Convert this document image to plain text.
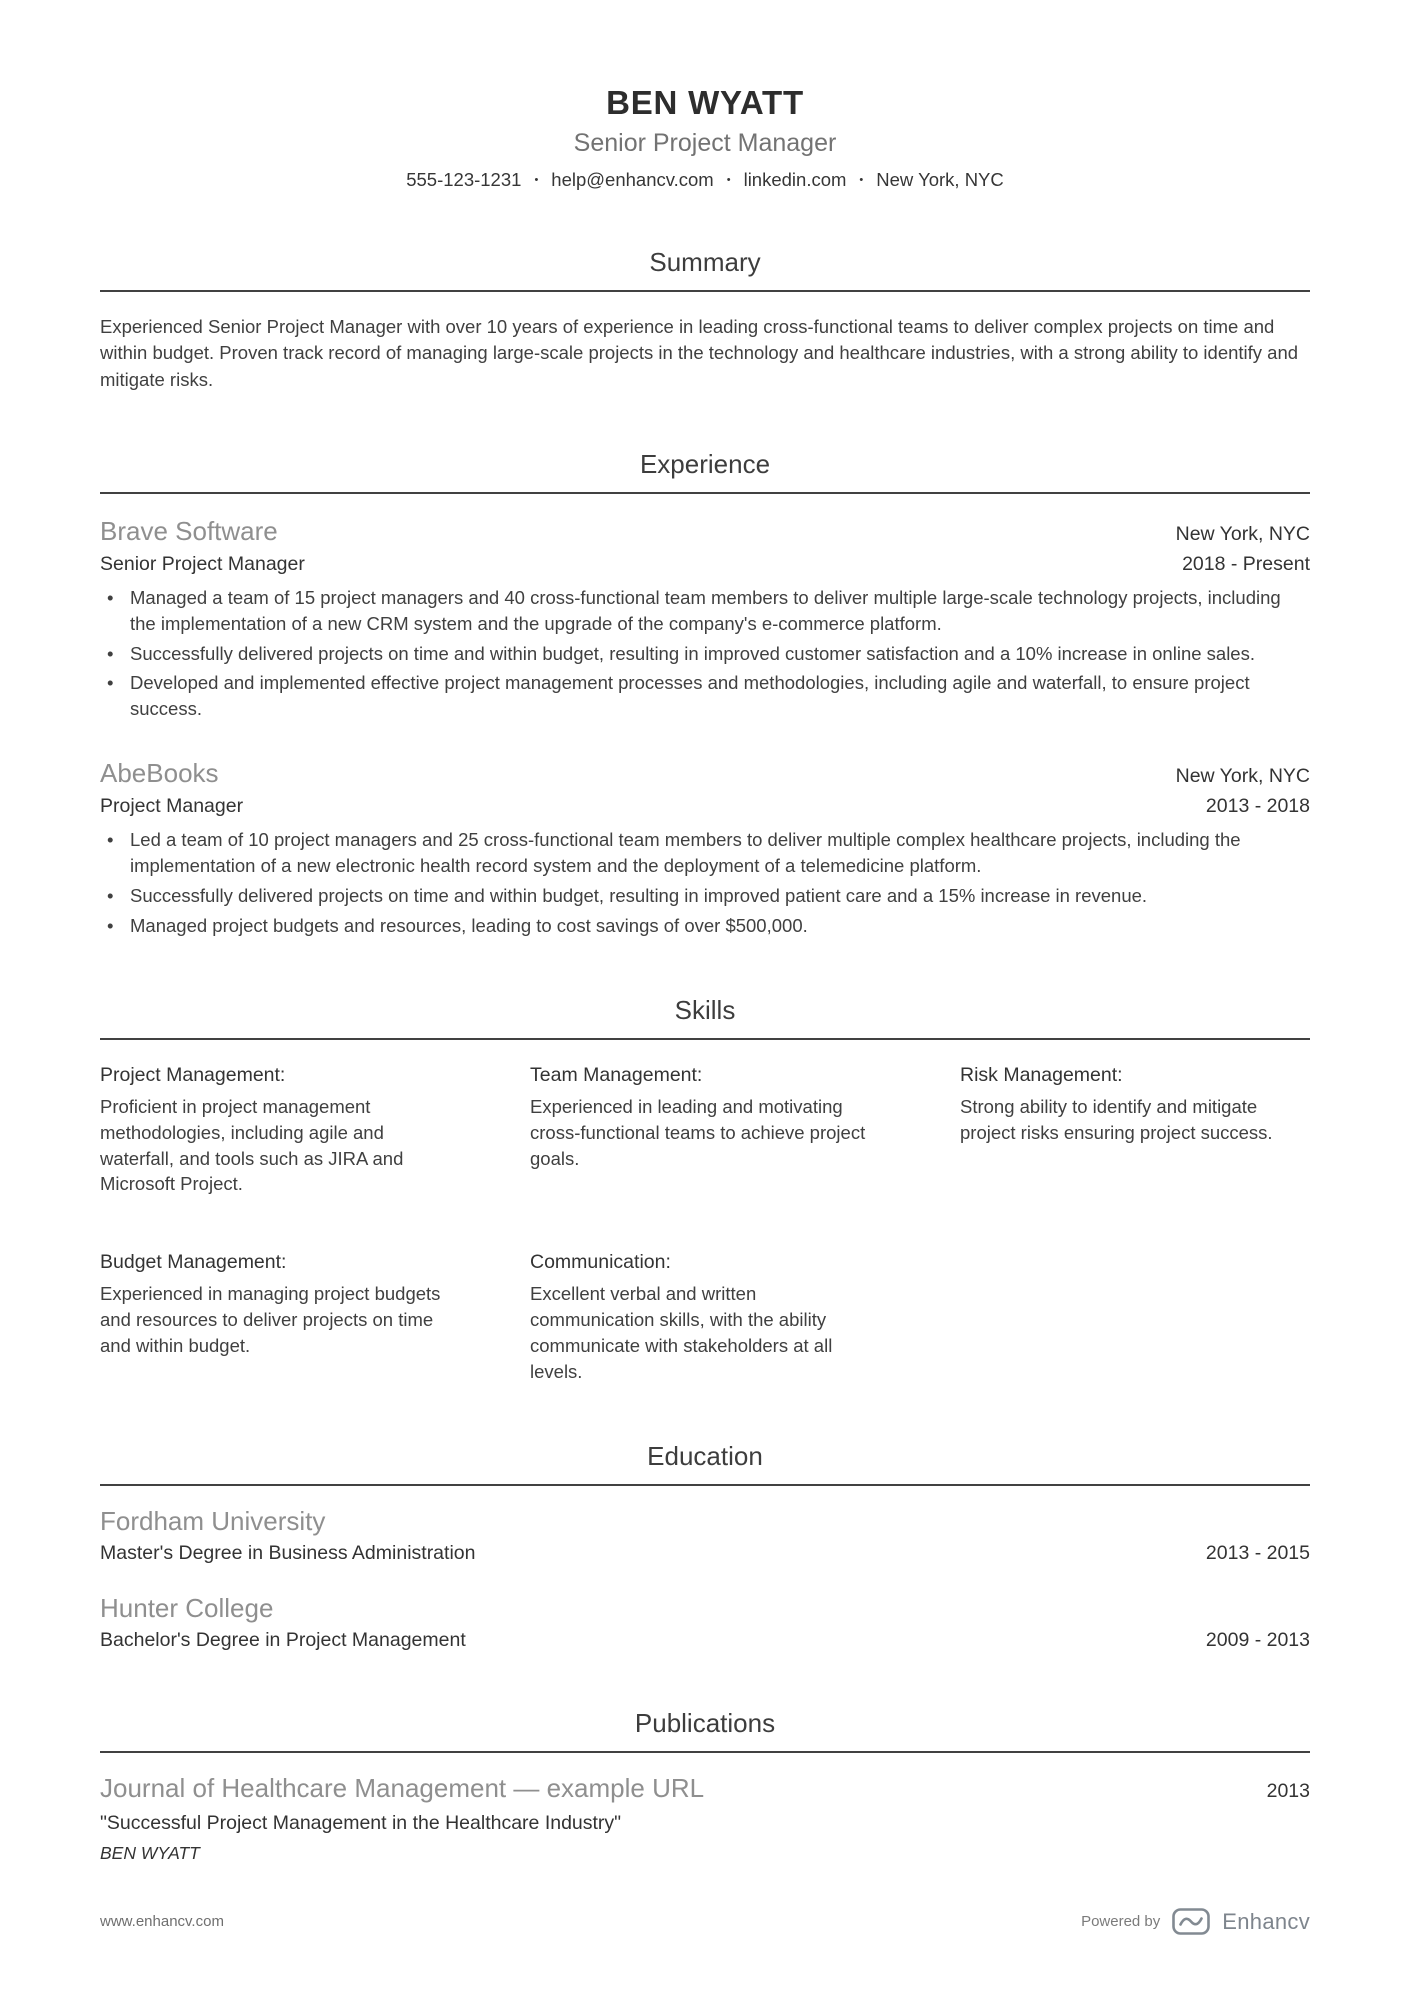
BEN WYATT
Senior Project Manager
555-123-1231 • help@enhancv.com • linkedin.com • New York, NYC
Summary

Experienced Senior Project Manager with over 10 years of experience in leading cross-functional teams to deliver complex projects on time and within budget. Proven track record of managing large-scale projects in the technology and healthcare industries, with a strong ability to identify and mitigate risks.

Experience
Brave Software	New York, NYC
Senior Project Manager	2018 - Present
• Managed a team of 15 project managers and 40 cross-functional team members to deliver multiple large-scale technology projects, including the implementation of a new CRM system and the upgrade of the company's e-commerce platform.
• Successfully delivered projects on time and within budget, resulting in improved customer satisfaction and a 10% increase in online sales.
• Developed and implemented effective project management processes and methodologies, including agile and waterfall, to ensure project success.
AbeBooks	New York, NYC
Project Manager	2013 - 2018
• Led a team of 10 project managers and 25 cross-functional team members to deliver multiple complex healthcare projects, including the implementation of a new electronic health record system and the deployment of a telemedicine platform.
• Successfully delivered projects on time and within budget, resulting in improved patient care and a 15% increase in revenue.
• Managed project budgets and resources, leading to cost savings of over $500,000.
Skills
Project Management:

Proficient in project management methodologies, including agile and waterfall, and tools such as JIRA and Microsoft Project.

Team Management:

Experienced in leading and motivating cross-functional teams to achieve project goals.

Risk Management:

Strong ability to identify and mitigate project risks ensuring project success.

Budget Management:

Experienced in managing project budgets and resources to deliver projects on time and within budget.

Communication:

Excellent verbal and written communication skills, with the ability communicate with stakeholders at all levels.

Education
Fordham University
Master's Degree in Business Administration	2013 - 2015
Hunter College
Bachelor's Degree in Project Management	2009 - 2013
Publications
Journal of Healthcare Management — example URL	2013
"Successful Project Management in the Healthcare Industry"
BEN WYATT
www.enhancv.com	Powered by	Enhancv
